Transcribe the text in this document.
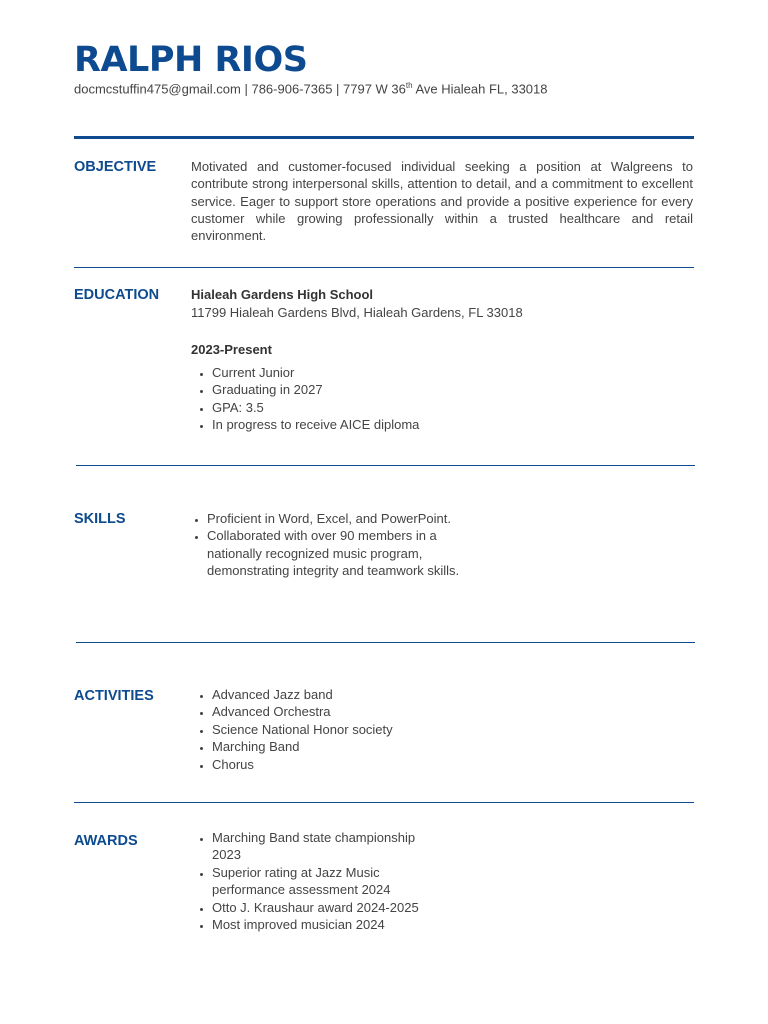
RALPH RIOS
docmcstuffin475@gmail.com | 786-906-7365 | 7797 W 36th Ave Hialeah FL, 33018
OBJECTIVE	Motivated and customer-focused individual seeking a position at Walgreens to contribute strong interpersonal skills, attention to detail, and a commitment to excellent service. Eager to support store operations and provide a positive experience for every customer while growing professionally within a trusted healthcare and retail environment.

EDUCATION Hialeah Gardens High School
11799 Hialeah Gardens Blvd, Hialeah Gardens, FL 33018
2023-Present
• Current Junior
• Graduating in 2027
• GPA: 3.5
• In progress to receive AICE diploma
SKILLS	• Proficient in Word, Excel, and PowerPoint.
• Collaborated with over 90 members in a nationally recognized music program, demonstrating integrity and teamwork skills.
ACTIVITIES	• Advanced Jazz band
• Advanced Orchestra
• Science National Honor society
• Marching Band
• Chorus
AWARDS	• Marching Band state championship 2023
• Superior rating at Jazz Music performance assessment 2024
• Otto J. Kraushaur award 2024-2025
• Most improved musician 2024
